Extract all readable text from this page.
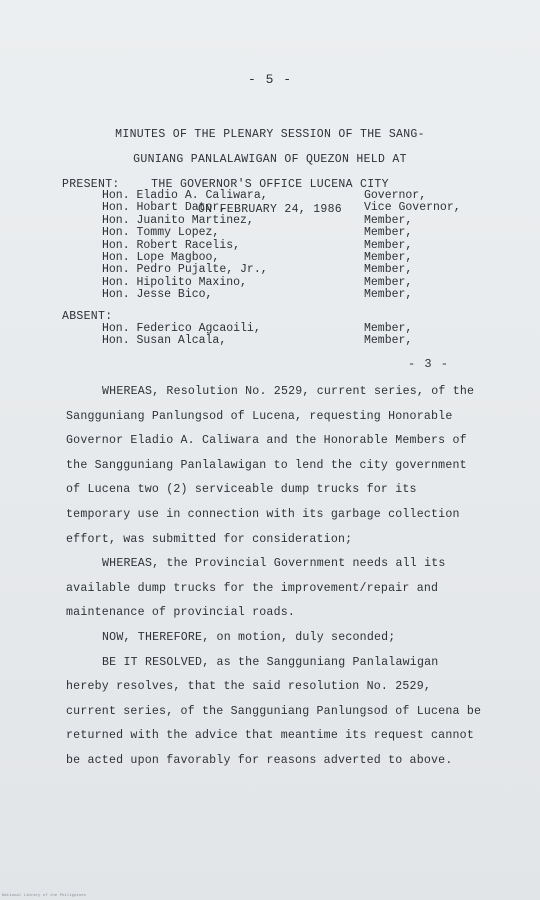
- 5 -

MINUTES OF THE PLENARY SESSION OF THE SANG-

GUNIANG PANLALAWIGAN OF QUEZON HELD AT

THE GOVERNOR'S OFFICE LUCENA CITY

ON FEBRUARY 24, 1986

PRESENT:
Hon. Eladio A. Caliwara,	Governor,
Hon. Hobart Dator,	Vice Governor,
Hon. Juanito Martinez,	Member,
Hon. Tommy Lopez,	Member,
Hon. Robert Racelis,	Member,
Hon. Lope Magboo,	Member,
Hon. Pedro Pujalte, Jr.,	Member,
Hon. Hipolito Maxino,	Member,
Hon. Jesse Bico,	Member,
ABSENT:
Hon. Federico Agcaoili,	Member,
Hon. Susan Alcala,	Member,
- 3 -

WHEREAS, Resolution No. 2529, current series, of the Sangguniang Panlungsod of Lucena, requesting Honorable Governor Eladio A. Caliwara and the Honorable Members of the Sangguniang Panlalawigan to lend the city government of Lucena two (2) serviceable dump trucks for its temporary use in connection with its garbage collection effort, was submitted for consideration;

WHEREAS, the Provincial Government needs all its available dump trucks for the improvement/repair and maintenance of provincial roads.

NOW, THEREFORE, on motion, duly seconded;

BE IT RESOLVED, as the Sangguniang Panlalawigan hereby resolves, that the said resolution No. 2529, current series, of the Sangguniang Panlungsod of Lucena be returned with the advice that meantime its request cannot be acted upon favorably for reasons adverted to above.

National Library of the Philippines
